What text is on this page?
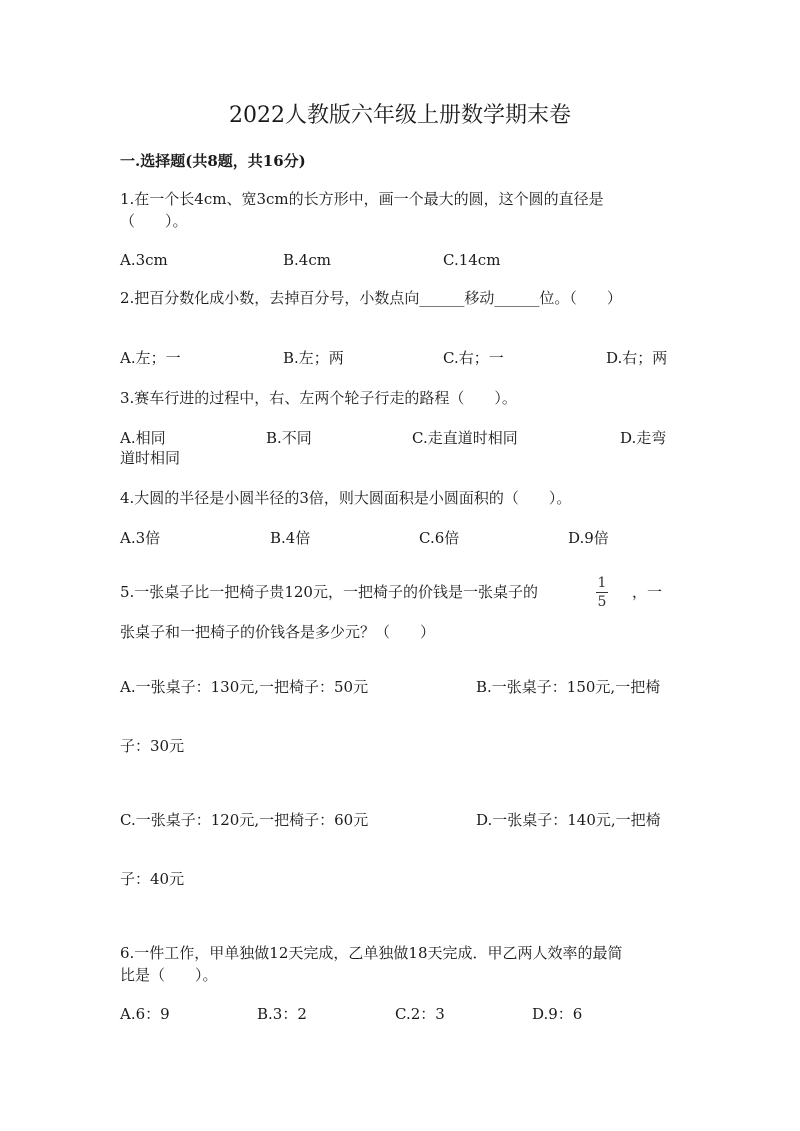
2022人教版六年级上册数学期末卷
一.选择题(共8题，共16分)
1.在一个长4cm、宽3cm的长方形中，画一个最大的圆，这个圆的直径是
（　　）。
A.3cm	B.4cm	C.14cm
2.把百分数化成小数，去掉百分号，小数点向______移动______位。（　　）
A.左；一	B.左；两	C.右；一	D.右；两
3.赛车行进的过程中，右、左两个轮子行走的路程（　　）。
A.相同	B.不同	C.走直道时相同	D.走弯
道时相同
4.大圆的半径是小圆半径的3倍，则大圆面积是小圆面积的（　　）。
A.3倍	B.4倍	C.6倍	D.9倍
5.一张桌子比一把椅子贵120元，一把椅子的价钱是一张桌子的	1
5
，一
张桌子和一把椅子的价钱各是多少元？（　　）
A.一张桌子：130元,一把椅子：50元	B.一张桌子：150元,一把椅
子：30元
C.一张桌子：120元,一把椅子：60元	D.一张桌子：140元,一把椅
子：40元
6.一件工作，甲单独做12天完成，乙单独做18天完成．甲乙两人效率的最简
比是（　　）。
A.6：9	B.3：2	C.2：3	D.9：6
